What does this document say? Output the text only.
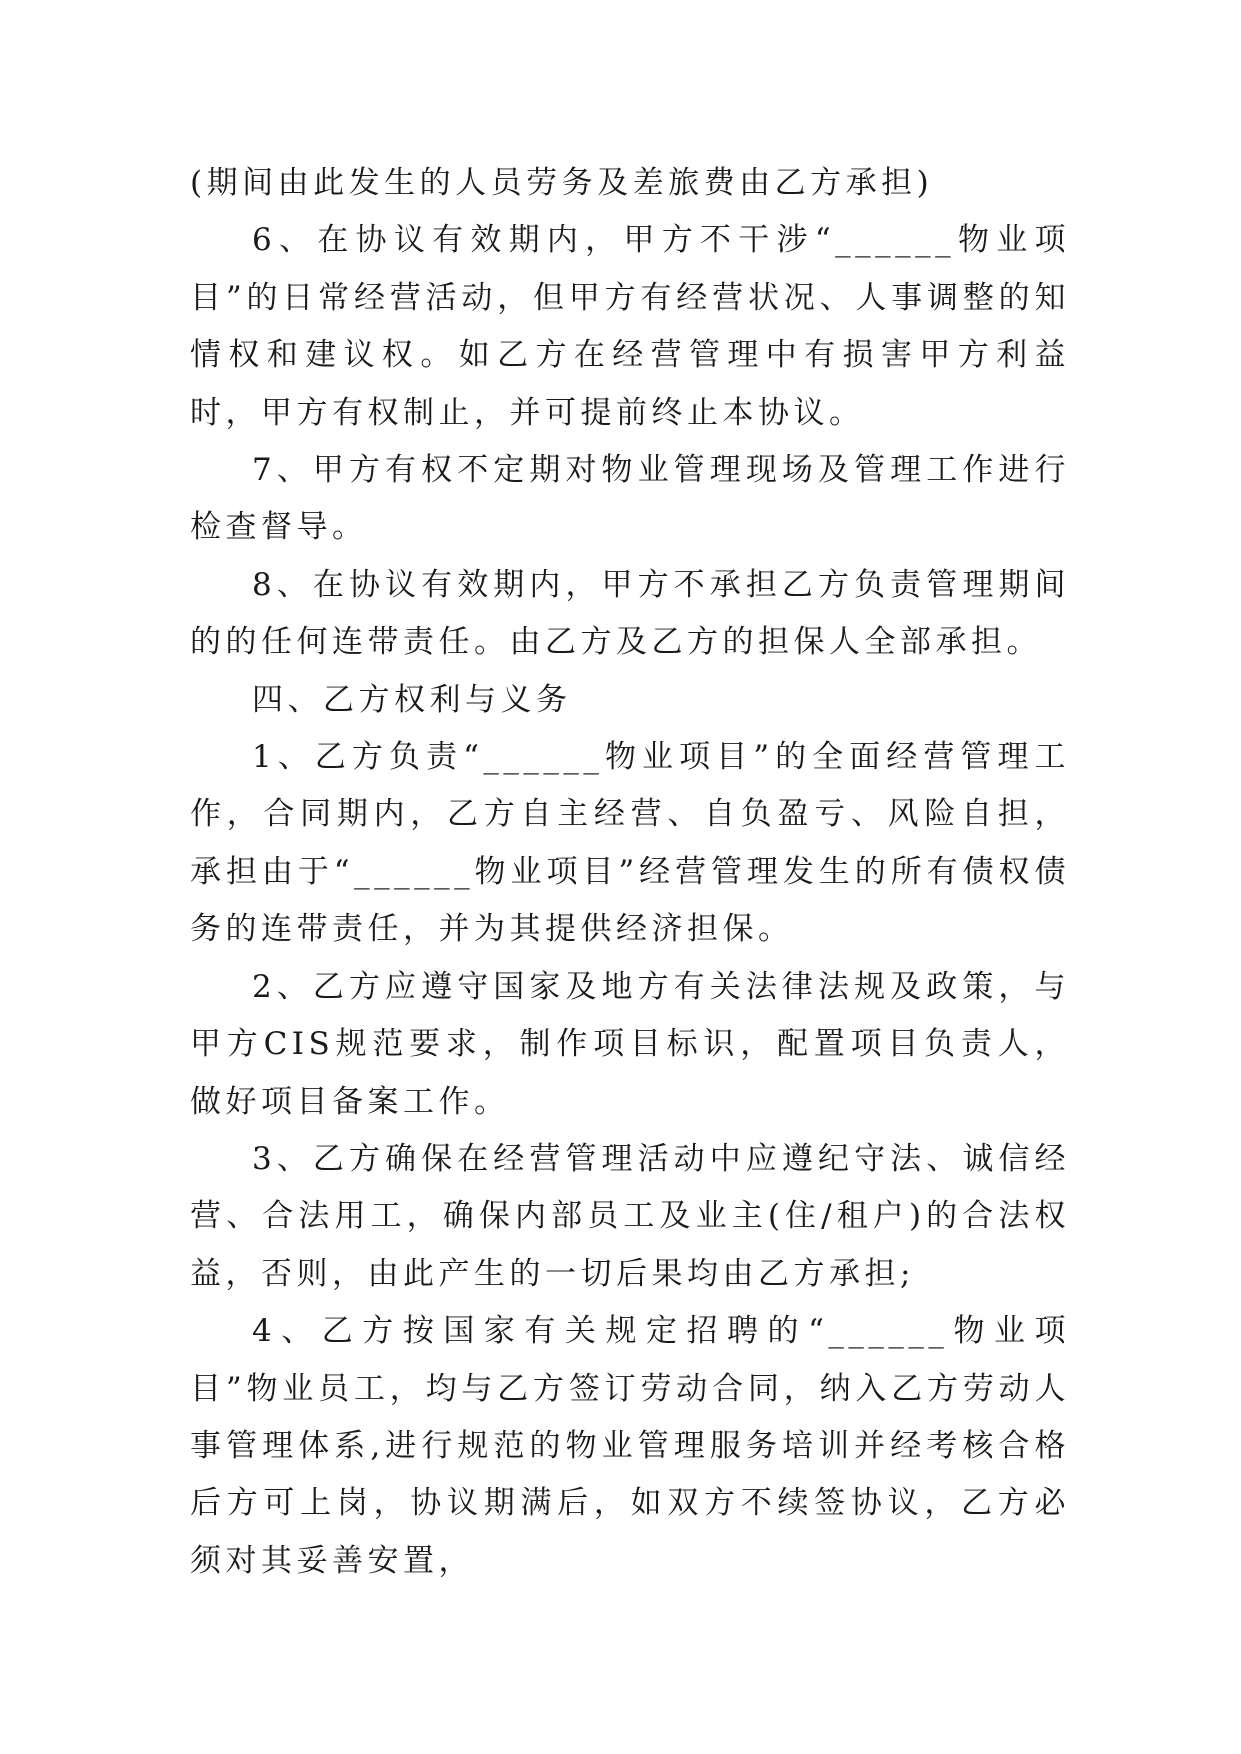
(期间由此发生的人员劳务及差旅费由乙方承担)

6、在协议有效期内，甲方不干涉“______物业项目”的日常经营活动，但甲方有经营状况、人事调整的知情权和建议权。如乙方在经营管理中有损害甲方利益时，甲方有权制止，并可提前终止本协议。

7、甲方有权不定期对物业管理现场及管理工作进行检查督导。

8、在协议有效期内，甲方不承担乙方负责管理期间的的任何连带责任。由乙方及乙方的担保人全部承担。

四、乙方权利与义务

1、乙方负责“______物业项目”的全面经营管理工作，合同期内，乙方自主经营、自负盈亏、风险自担，承担由于“______物业项目”经营管理发生的所有债权债务的连带责任，并为其提供经济担保。

2、乙方应遵守国家及地方有关法律法规及政策，与甲方CIS规范要求，制作项目标识，配置项目负责人，做好项目备案工作。

3、乙方确保在经营管理活动中应遵纪守法、诚信经营、合法用工，确保内部员工及业主(住/租户)的合法权益，否则，由此产生的一切后果均由乙方承担;

4、乙方按国家有关规定招聘的“______物业项目”物业员工，均与乙方签订劳动合同，纳入乙方劳动人事管理体系,进行规范的物业管理服务培训并经考核合格后方可上岗，协议期满后，如双方不续签协议，乙方必须对其妥善安置，
